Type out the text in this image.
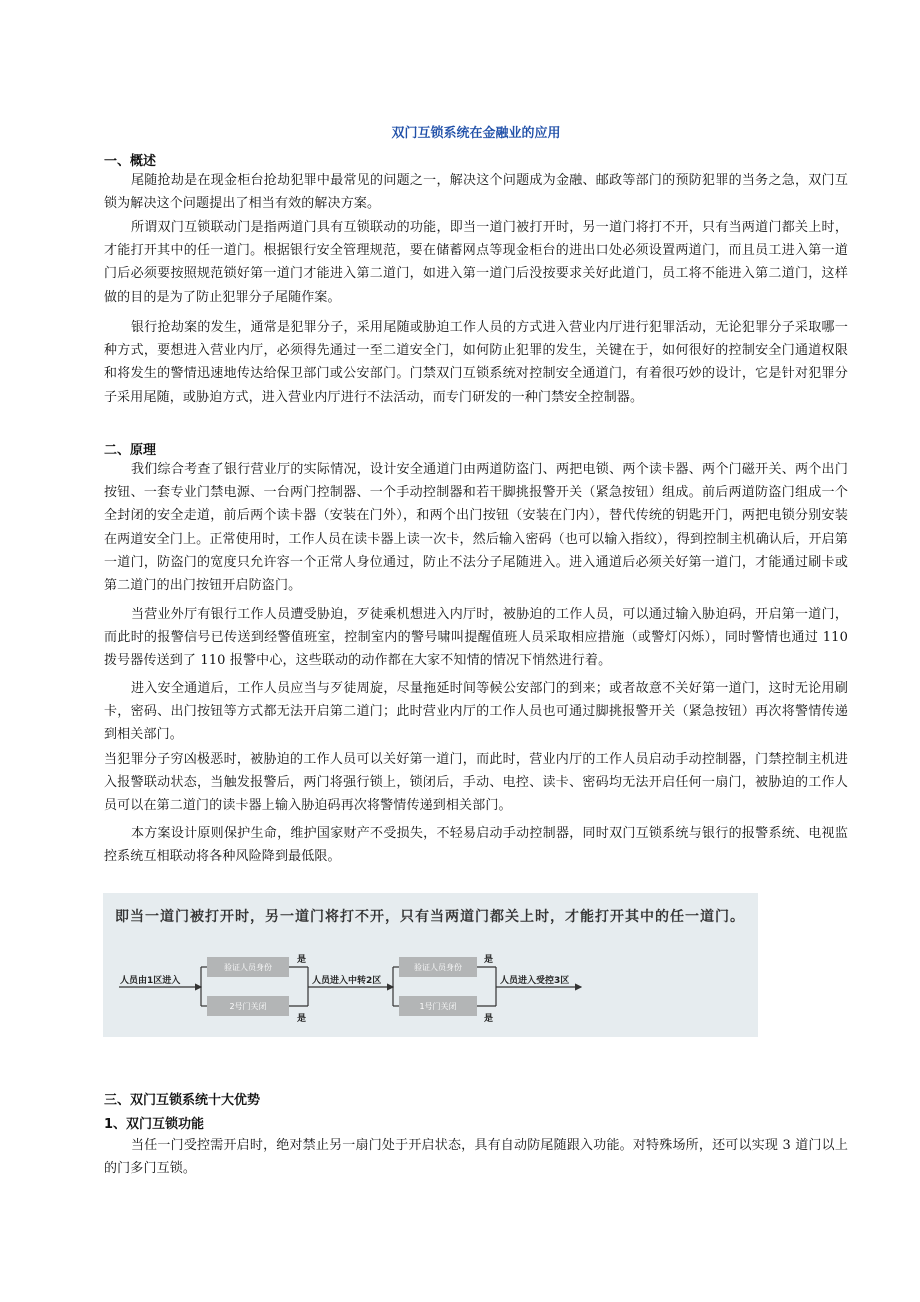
双门互锁系统在金融业的应用
一、概述
尾随抢劫是在现金柜台抢劫犯罪中最常见的问题之一，解决这个问题成为金融、邮政等部门的预防犯罪的当务之急，双门互锁为解决这个问题提出了相当有效的解决方案。
所谓双门互锁联动门是指两道门具有互锁联动的功能，即当一道门被打开时，另一道门将打不开，只有当两道门都关上时，才能打开其中的任一道门。根据银行安全管理规范，要在储蓄网点等现金柜台的进出口处必须设置两道门，而且员工进入第一道门后必须要按照规范锁好第一道门才能进入第二道门，如进入第一道门后没按要求关好此道门，员工将不能进入第二道门，这样做的目的是为了防止犯罪分子尾随作案。
银行抢劫案的发生，通常是犯罪分子，采用尾随或胁迫工作人员的方式进入营业内厅进行犯罪活动，无论犯罪分子采取哪一种方式，要想进入营业内厅，必须得先通过一至二道安全门，如何防止犯罪的发生，关键在于，如何很好的控制安全门通道权限和将发生的警情迅速地传达给保卫部门或公安部门。门禁双门互锁系统对控制安全通道门，有着很巧妙的设计，它是针对犯罪分子采用尾随，或胁迫方式，进入营业内厅进行不法活动，而专门研发的一种门禁安全控制器。
二、原理
我们综合考查了银行营业厅的实际情况，设计安全通道门由两道防盗门、两把电锁、两个读卡器、两个门磁开关、两个出门按钮、一套专业门禁电源、一台两门控制器、一个手动控制器和若干脚挑报警开关（紧急按钮）组成。前后两道防盗门组成一个全封闭的安全走道，前后两个读卡器（安装在门外），和两个出门按钮（安装在门内），替代传统的钥匙开门，两把电锁分别安装在两道安全门上。正常使用时，工作人员在读卡器上读一次卡，然后输入密码（也可以输入指纹），得到控制主机确认后，开启第一道门，防盗门的宽度只允许容一个正常人身位通过，防止不法分子尾随进入。进入通道后必须关好第一道门，才能通过刷卡或第二道门的出门按钮开启防盗门。
当营业外厅有银行工作人员遭受胁迫，歹徒乘机想进入内厅时，被胁迫的工作人员，可以通过输入胁迫码，开启第一道门，而此时的报警信号已传送到经警值班室，控制室内的警号啸叫提醒值班人员采取相应措施（或警灯闪烁），同时警情也通过 110 拨号器传送到了 110 报警中心，这些联动的动作都在大家不知情的情况下悄然进行着。
进入安全通道后，工作人员应当与歹徒周旋，尽量拖延时间等候公安部门的到来；或者故意不关好第一道门，这时无论用刷卡，密码、出门按钮等方式都无法开启第二道门；此时营业内厅的工作人员也可通过脚挑报警开关（紧急按钮）再次将警情传递到相关部门。
当犯罪分子穷凶极恶时，被胁迫的工作人员可以关好第一道门，而此时，营业内厅的工作人员启动手动控制器，门禁控制主机进入报警联动状态，当触发报警后，两门将强行锁上，锁闭后，手动、电控、读卡、密码均无法开启任何一扇门，被胁迫的工作人员可以在第二道门的读卡器上输入胁迫码再次将警情传递到相关部门。
本方案设计原则保护生命，维护国家财产不受损失，不轻易启动手动控制器，同时双门互锁系统与银行的报警系统、电视监控系统互相联动将各种风险降到最低限。
三、双门互锁系统十大优势
1、双门互锁功能
当任一门受控需开启时，绝对禁止另一扇门处于开启状态，具有自动防尾随跟入功能。对特殊场所，还可以实现 3 道门以上的门多门互锁。
即当一道门被打开时，另一道门将打不开，只有当两道门都关上时，才能打开其中的任一道门。
人员由1区进入
验证人员身份
2号门关闭
是
是
人员进入中转2区
验证人员身份
1号门关闭
是
是
人员进入受控3区
